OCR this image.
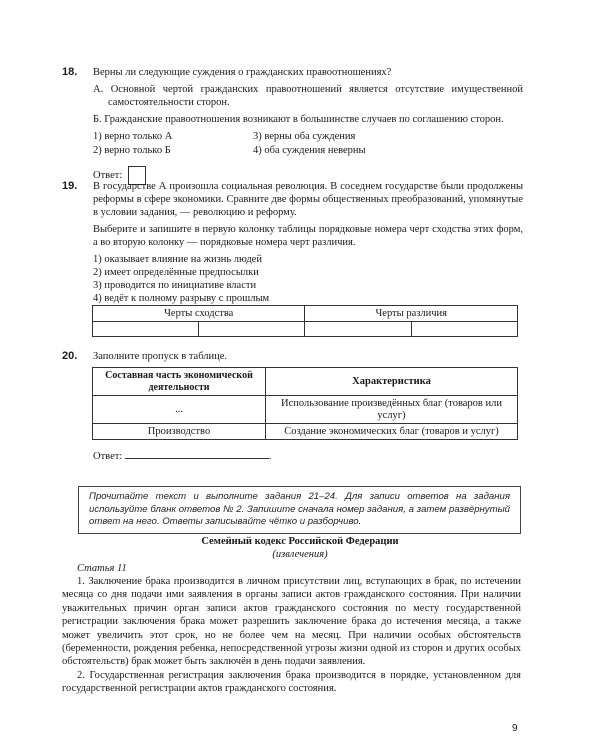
18. Верны ли следующие суждения о гражданских правоотношениях?
А. Основной чертой гражданских правоотношений является отсутствие имущественной самостоятельности сторон.
Б. Гражданские правоотношения возникают в большинстве случаев по соглашению сторон.
1) верно только А	3) верны оба суждения
2) верно только Б	4) оба суждения неверны
Ответ:
19. В государстве А произошла социальная революция. В соседнем государстве были продолжены реформы в сфере экономики. Сравните две формы общественных преобразований, упомянутые в условии задания, — революцию и реформу.
Выберите и запишите в первую колонку таблицы порядковые номера черт сходства этих форм, а во вторую колонку — порядковые номера черт различия.
1) оказывает влияние на жизнь людей
2) имеет определённые предпосылки
3) проводится по инициативе власти
4) ведёт к полному разрыву с прошлым
Черты сходства		Черты различия	

20. Заполните пропуск в таблице.
Составная часть экономической деятельности	Характеристика
...	Использование произведённых благ (товаров или услуг)
Производство	Создание экономических благ (товаров и услуг)
Ответ:	.
Прочитайте текст и выполните задания 21–24. Для записи ответов на задания используйте бланк ответов № 2. Запишите сначала номер задания, а затем развёрнутый ответ на него. Ответы записывайте чётко и разборчиво.
Семейный кодекс Российской Федерации
(извлечения)
Статья 11

1. Заключение брака производится в личном присутствии лиц, вступающих в брак, по истечении месяца со дня подачи ими заявления в органы записи актов гражданского состояния. При наличии уважительных причин орган записи актов гражданского состояния по месту государственной регистрации заключения брака может разрешить заключение брака до истечения месяца, а также может увеличить этот срок, но не более чем на месяц. При наличии особых обстоятельств (беременности, рождения ребенка, непосредственной угрозы жизни одной из сторон и других особых обстоятельств) брак может быть заключён в день подачи заявления.

2. Государственная регистрация заключения брака производится в порядке, установленном для государственной регистрации актов гражданского состояния.

9
